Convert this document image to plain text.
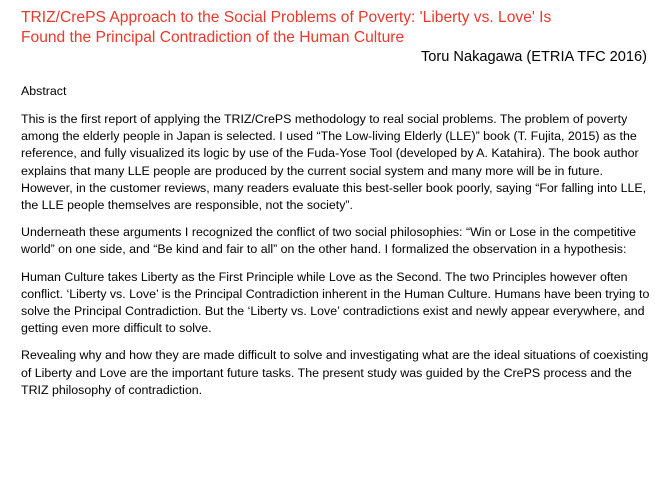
TRIZ/CrePS Approach to the Social Problems of Poverty: 'Liberty vs. Love' Is
Found the Principal Contradiction of the Human Culture

Toru Nakagawa (ETRIA TFC 2016)

Abstract

This is the first report of applying the TRIZ/CrePS methodology to real social problems. The problem of poverty among the elderly people in Japan is selected. I used “The Low-living Elderly (LLE)” book (T. Fujita, 2015) as the reference, and fully visualized its logic by use of the Fuda-Yose Tool (developed by A. Katahira). The book author explains that many LLE people are produced by the current social system and many more will be in future. However, in the customer reviews, many readers evaluate this best-seller book poorly, saying “For falling into LLE, the LLE people themselves are responsible, not the society”.

Underneath these arguments I recognized the conflict of two social philosophies: “Win or Lose in the competitive world” on one side, and “Be kind and fair to all” on the other hand. I formalized the observation in a hypothesis:

Human Culture takes Liberty as the First Principle while Love as the Second. The two Principles however often conflict. ‘Liberty vs. Love’ is the Principal Contradiction inherent in the Human Culture. Humans have been trying to solve the Principal Contradiction. But the ‘Liberty vs. Love’ contradictions exist and newly appear everywhere, and getting even more difficult to solve.

Revealing why and how they are made difficult to solve and investigating what are the ideal situations of coexisting of Liberty and Love are the important future tasks. The present study was guided by the CrePS process and the TRIZ philosophy of contradiction.
